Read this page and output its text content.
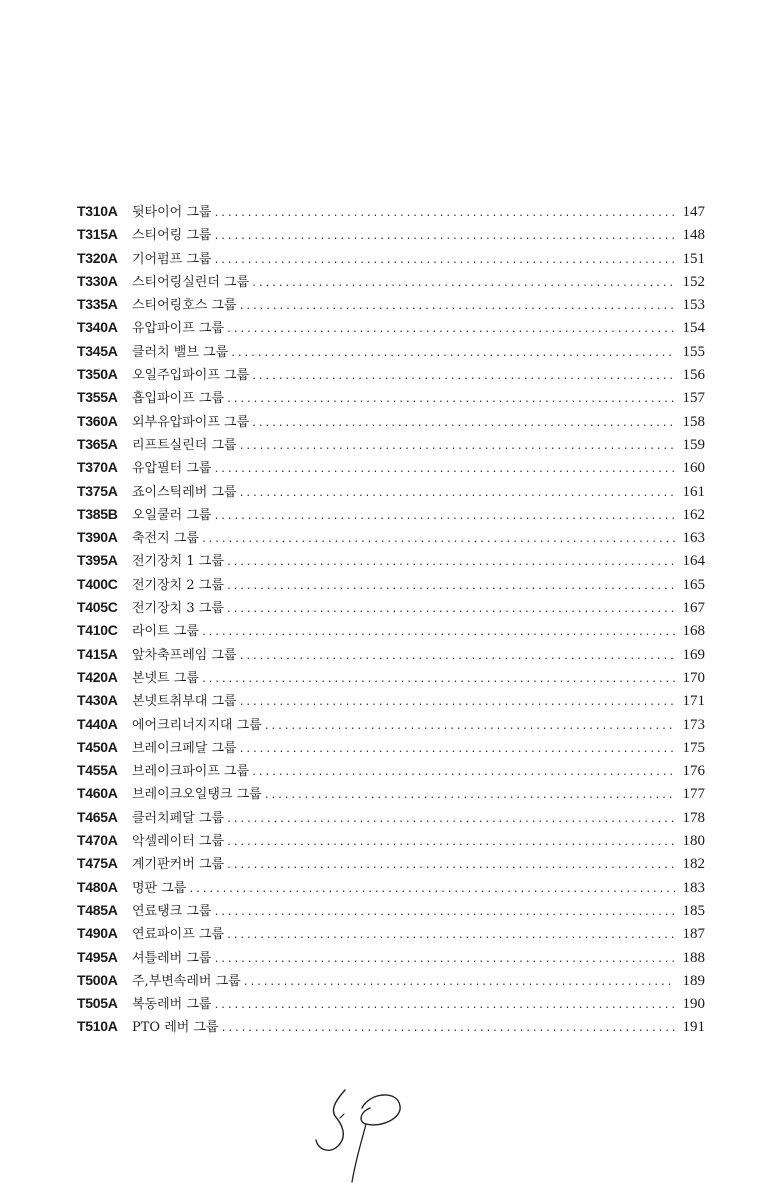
T310A	뒷타이어 그룹 .....	147
T315A	스티어링 그룹 .....	148
T320A	기어펌프 그룹 .....	151
T330A	스티어링실린더 그룹 .....	152
T335A	스티어링호스 그룹 .....	153
T340A	유압파이프 그룹 .....	154
T345A	클러치 밸브 그룹 .....	155
T350A	오일주입파이프 그룹 .....	156
T355A	흡입파이프 그룹 .....	157
T360A	외부유압파이프 그룹 .....	158
T365A	리프트실린더 그룹 .....	159
T370A	유압필터 그룹 .....	160
T375A	죠이스틱레버 그룹 .....	161
T385B	오일쿨러 그룹 .....	162
T390A	축전지 그룹 .....	163
T395A	전기장치 1 그룹 .....	164
T400C	전기장치 2 그룹 .....	165
T405C	전기장치 3 그룹 .....	167
T410C	라이트 그룹 .....	168
T415A	앞차축프레임 그룹 .....	169
T420A	본넷트 그룹 .....	170
T430A	본넷트취부대 그룹 .....	171
T440A	에어크리너지지대 그룹 .....	173
T450A	브레이크페달 그룹 .....	175
T455A	브레이크파이프 그룹 .....	176
T460A	브레이크오일탱크 그룹 .....	177
T465A	클러치페달 그룹 .....	178
T470A	악셀레이터 그룹 .....	180
T475A	계기판커버 그룹 .....	182
T480A	명판 그룹 .....	183
T485A	연료탱크 그룹 .....	185
T490A	연료파이프 그룹 .....	187
T495A	셔틀레버 그룹 .....	188
T500A	주,부변속레버 그룹 .....	189
T505A	복동레버 그룹 .....	190
T510A	PTO 레버 그룹 .....	191
